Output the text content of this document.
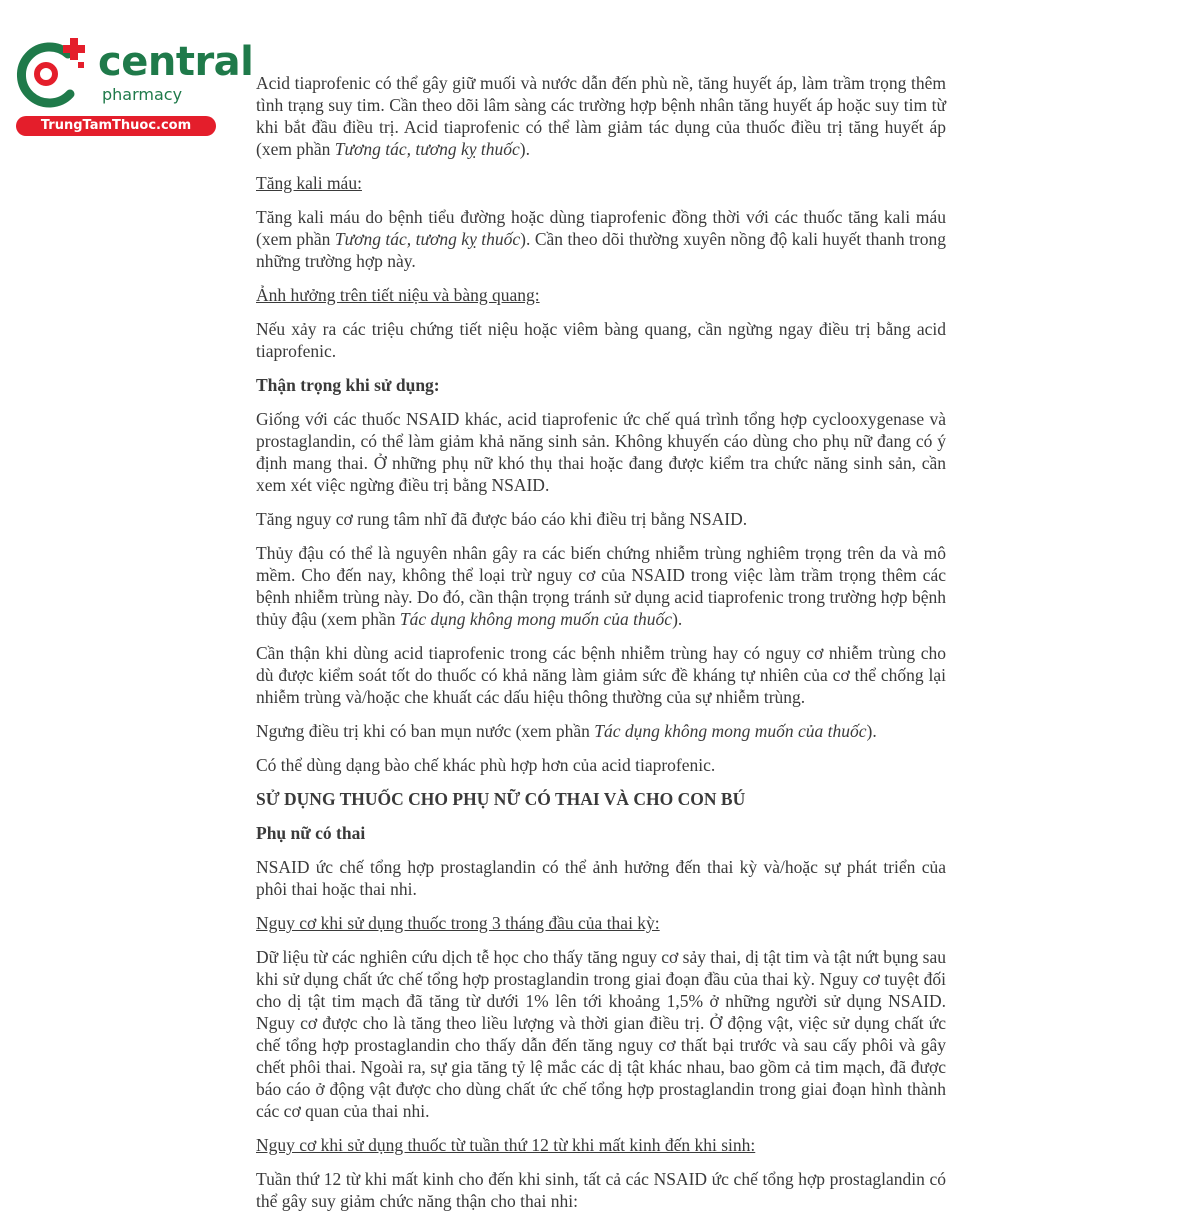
central
pharmacy
TrungTamThuoc.com

Acid tiaprofenic có thể gây giữ muối và nước dẫn đến phù nề, tăng huyết áp, làm trầm trọng thêm tình trạng suy tim. Cần theo dõi lâm sàng các trường hợp bệnh nhân tăng huyết áp hoặc suy tim từ khi bắt đầu điều trị. Acid tiaprofenic có thể làm giảm tác dụng của thuốc điều trị tăng huyết áp (xem phần Tương tác, tương kỵ thuốc).

Tăng kali máu:

Tăng kali máu do bệnh tiểu đường hoặc dùng tiaprofenic đồng thời với các thuốc tăng kali máu (xem phần Tương tác, tương kỵ thuốc). Cần theo dõi thường xuyên nồng độ kali huyết thanh trong những trường hợp này.

Ảnh hưởng trên tiết niệu và bàng quang:

Nếu xảy ra các triệu chứng tiết niệu hoặc viêm bàng quang, cần ngừng ngay điều trị bằng acid tiaprofenic.

Thận trọng khi sử dụng:

Giống với các thuốc NSAID khác, acid tiaprofenic ức chế quá trình tổng hợp cyclooxygenase và prostaglandin, có thể làm giảm khả năng sinh sản. Không khuyến cáo dùng cho phụ nữ đang có ý định mang thai. Ở những phụ nữ khó thụ thai hoặc đang được kiểm tra chức năng sinh sản, cần xem xét việc ngừng điều trị bằng NSAID.

Tăng nguy cơ rung tâm nhĩ đã được báo cáo khi điều trị bằng NSAID.

Thủy đậu có thể là nguyên nhân gây ra các biến chứng nhiễm trùng nghiêm trọng trên da và mô mềm. Cho đến nay, không thể loại trừ nguy cơ của NSAID trong việc làm trầm trọng thêm các bệnh nhiễm trùng này. Do đó, cần thận trọng tránh sử dụng acid tiaprofenic trong trường hợp bệnh thủy đậu (xem phần Tác dụng không mong muốn của thuốc).

Cần thận khi dùng acid tiaprofenic trong các bệnh nhiễm trùng hay có nguy cơ nhiễm trùng cho dù được kiểm soát tốt do thuốc có khả năng làm giảm sức đề kháng tự nhiên của cơ thể chống lại nhiễm trùng và/hoặc che khuất các dấu hiệu thông thường của sự nhiễm trùng.

Ngưng điều trị khi có ban mụn nước (xem phần Tác dụng không mong muốn của thuốc).

Có thể dùng dạng bào chế khác phù hợp hơn của acid tiaprofenic.

SỬ DỤNG THUỐC CHO PHỤ NỮ CÓ THAI VÀ CHO CON BÚ

Phụ nữ có thai

NSAID ức chế tổng hợp prostaglandin có thể ảnh hưởng đến thai kỳ và/hoặc sự phát triển của phôi thai hoặc thai nhi.

Nguy cơ khi sử dụng thuốc trong 3 tháng đầu của thai kỳ:

Dữ liệu từ các nghiên cứu dịch tễ học cho thấy tăng nguy cơ sảy thai, dị tật tim và tật nứt bụng sau khi sử dụng chất ức chế tổng hợp prostaglandin trong giai đoạn đầu của thai kỳ. Nguy cơ tuyệt đối cho dị tật tim mạch đã tăng từ dưới 1% lên tới khoảng 1,5% ở những người sử dụng NSAID. Nguy cơ được cho là tăng theo liều lượng và thời gian điều trị. Ở động vật, việc sử dụng chất ức chế tổng hợp prostaglandin cho thấy dẫn đến tăng nguy cơ thất bại trước và sau cấy phôi và gây chết phôi thai. Ngoài ra, sự gia tăng tỷ lệ mắc các dị tật khác nhau, bao gồm cả tim mạch, đã được báo cáo ở động vật được cho dùng chất ức chế tổng hợp prostaglandin trong giai đoạn hình thành các cơ quan của thai nhi.

Nguy cơ khi sử dụng thuốc từ tuần thứ 12 từ khi mất kinh đến khi sinh:

Tuần thứ 12 từ khi mất kinh cho đến khi sinh, tất cả các NSAID ức chế tổng hợp prostaglandin có thể gây suy giảm chức năng thận cho thai nhi:
